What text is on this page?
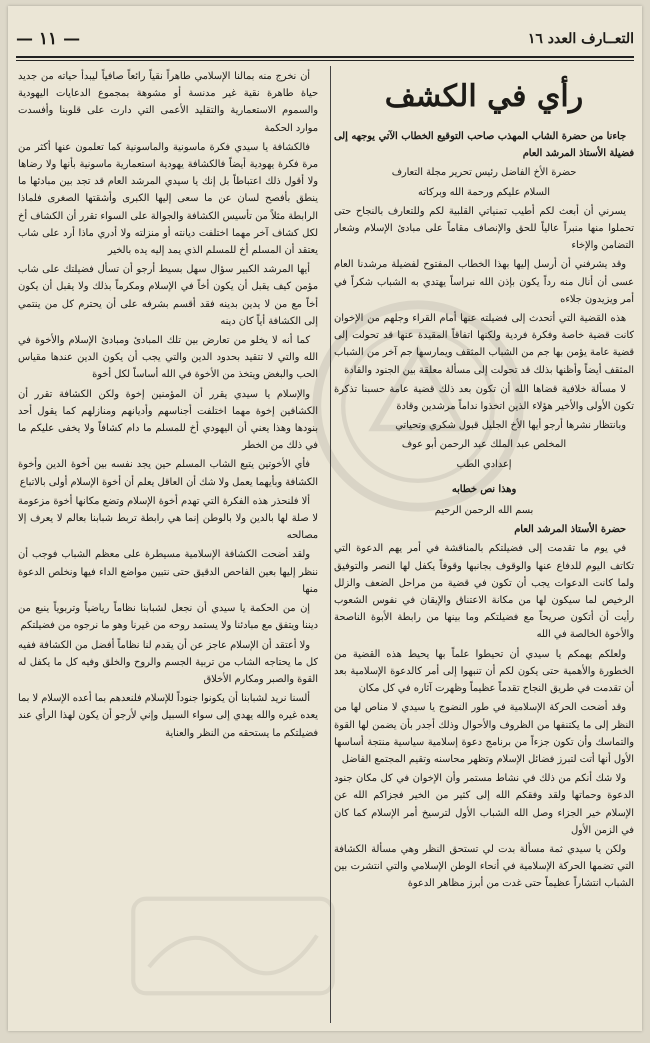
— ١١ —	التعــارف العدد ١٦
رأي في الكشف

جاءنا من حضرة الشاب المهذب صاحب التوقيع الخطاب الآتي يوجهه إلى فضيلة الأستاذ المرشد العام

حضرة الأخ الفاضل رئيس تحرير مجلة التعارف

السلام عليكم ورحمة الله وبركاته

يسرني أن أبعث لكم أطيب تمنياتي القلبية لكم وللتعارف بالنجاح حتى تحملوا منها منبراً عالياً للحق والإنصاف مقاماً على مبادئ الإسلام وشعار التضامن والإخاء

وقد يشرفني أن أرسل إليها بهذا الخطاب المفتوح لفضيلة مرشدنا العام عسى أن أنال منه رداً يكون بإذن الله نبراساً يهتدي به الشباب شكراً في أمر ويزيدون جلاءه

هذه القضية التي أتحدث إلى فضيلته عنها أمام القراء وجلهم من الإخوان كانت قضية خاصة وفكرة فردية ولكنها اتفاقاً المقيدة عنها قد تحولت إلى قضية عامة يؤمن بها جم من الشباب المثقف ويمارسها جم آخر من الشباب المثقف أيضاً وأظنها بذلك قد تحولت إلى مسألة معلقة بين الجنود والقادة

لا مسألة خلافية قضاها الله أن تكون بعد ذلك قضية عامة حسبنا تذكرة تكون الأولى والأخير هؤلاء الذين اتخذوا نداماً مرشدين وقادة

وبانتظار نشرها أرجو أيها الأخ الجليل قبول شكري وتحياتي

المخلص عبد الملك عبد الرحمن أبو عوف

إعدادي الطب

وهذا نص خطابه

بسم الله الرحمن الرحيم

حضرة الأستاذ المرشد العام

في يوم ما تقدمت إلى فضيلتكم بالمناقشة في أمر يهم الدعوة التي تكاتف اليوم للدفاع عنها والوقوف بجانبها وقوفاً يكفل لها النصر والتوفيق ولما كانت الدعوات يجب أن تكون في قضية من مراحل الضعف والزلل الرخيص لما سيكون لها من مكانة الاعتناق والإيقان في نفوس الشعوب رأيت أن أتكون صريحاً مع فضيلتكم وما بينها من رابطة الأبوة الناصحة والأخوة الخالصة في الله

ولعلكم يهمكم يا سيدي أن تحيطوا علماً بها يحيط هذه القضية من الخطورة والأهمية حتى يكون لكم أن تنبهوا إلى أمر كالدعوة الإسلامية بعد أن تقدمت في طريق النجاح تقدماً عظيماً وظهرت آثاره في كل مكان

وقد أضحت الحركة الإسلامية في طور النضوج يا سيدي لا مناص لها من النظر إلى ما يكتنفها من الظروف والأحوال وذلك أجدر بأن يضمن لها القوة والتماسك وأن تكون جزءاً من برنامج دعوة إسلامية سياسية منتجة أساسها الأول أنها أتت لتبرز فضائل الإسلام وتظهر محاسنه وتقيم المجتمع الفاضل

ولا شك أنكم من ذلك في نشاط مستمر وأن الإخوان في كل مكان جنود الدعوة وحماتها ولقد وفقكم الله إلى كثير من الخير فجزاكم الله عن الإسلام خير الجزاء وصل الله الشباب الأول لترسيخ أمر الإسلام كما كان في الزمن الأول

ولكن يا سيدي ثمة مسألة بدت لي تستحق النظر وهي مسألة الكشافة التي تضمها الحركة الإسلامية في أنحاء الوطن الإسلامي والتي انتشرت بين الشباب انتشاراً عظيماً حتى غدت من أبرز مظاهر الدعوة

أن نخرج منه بمالنا الإسلامي طاهراً نقياً رائعاً صافياً ليبدأ حياته من جديد حياة طاهرة نقية غير مدنسة أو مشوهة بمجموع الدعايات اليهودية والسموم الاستعمارية والتقليد الأعمى التي دارت على قلوبنا وأفسدت موارد الحكمة

فالكشافة يا سيدي فكرة ماسونية والماسونية كما تعلمون عنها أكثر من مرة فكرة يهودية أيضاً فالكشافة يهودية استعمارية ماسونية بأنها ولا رضاها ولا أقول ذلك اعتباطاً بل إنك يا سيدي المرشد العام قد تجد بين مبادئها ما ينطق بأفصح لسان عن ما سعى إليها الكبرى وأشقتها الصغرى فلماذا الرابطة مثلاً من تأسيس الكشافة والجوالة على السواء تقرر أن الكشاف أخ لكل كشاف آخر مهما اختلفت ديانته أو منزلته ولا أدري ماذا أرد على شاب يعتقد أن المسلم أخ للمسلم الذي يمد إليه يده بالخير

أيها المرشد الكبير سؤال سهل بسيط أرجو أن تسأل فضيلتك على شاب مؤمن كيف يقبل أن يكون أخاً في الإسلام ومكرماً بذلك ولا يقبل أن يكون أخاً مع من لا يدين بدينه فقد أقسم بشرفه على أن يحترم كل من ينتمي إلى الكشافة أياً كان دينه

كما أنه لا يخلو من تعارض بين تلك المبادئ ومبادئ الإسلام والأخوة في الله والتي لا تتقيد بحدود الدين والتي يجب أن يكون الدين عندها مقياس الحب والبغض ويتخذ من الأخوة في الله أساساً لكل أخوة

والإسلام يا سيدي يقرر أن المؤمنين إخوة ولكن الكشافة تقرر أن الكشافين إخوة مهما اختلفت أجناسهم وأديانهم ومنازلهم كما يقول أحد بنودها وهذا يعني أن اليهودي أخ للمسلم ما دام كشافاً ولا يخفى عليكم ما في ذلك من الخطر

فأي الأخوتين يتبع الشاب المسلم حين يجد نفسه بين أخوة الدين وأخوة الكشافة وبأيهما يعمل ولا شك أن العاقل يعلم أن أخوة الإسلام أولى بالاتباع

ألا فلنحذر هذه الفكرة التي تهدم أخوة الإسلام وتضع مكانها أخوة مزعومة لا صلة لها بالدين ولا بالوطن إنما هي رابطة تربط شبابنا بعالم لا يعرف إلا مصالحه

ولقد أضحت الكشافة الإسلامية مسيطرة على معظم الشباب فوجب أن ننظر إليها بعين الفاحص الدقيق حتى نتبين مواضع الداء فيها ونخلص الدعوة منها

إن من الحكمة يا سيدي أن نجعل لشبابنا نظاماً رياضياً وتربوياً ينبع من ديننا ويتفق مع مبادئنا ولا يستمد روحه من غيرنا وهو ما نرجوه من فضيلتكم

ولا أعتقد أن الإسلام عاجز عن أن يقدم لنا نظاماً أفضل من الكشافة ففيه كل ما يحتاجه الشاب من تربية الجسم والروح والخلق وفيه كل ما يكفل له القوة والصبر ومكارم الأخلاق

ألسنا نريد لشبابنا أن يكونوا جنوداً للإسلام فلنعدهم بما أعده الإسلام لا بما يعده غيره والله يهدي إلى سواء السبيل وإني لأرجو أن يكون لهذا الرأي عند فضيلتكم ما يستحقه من النظر والعناية
